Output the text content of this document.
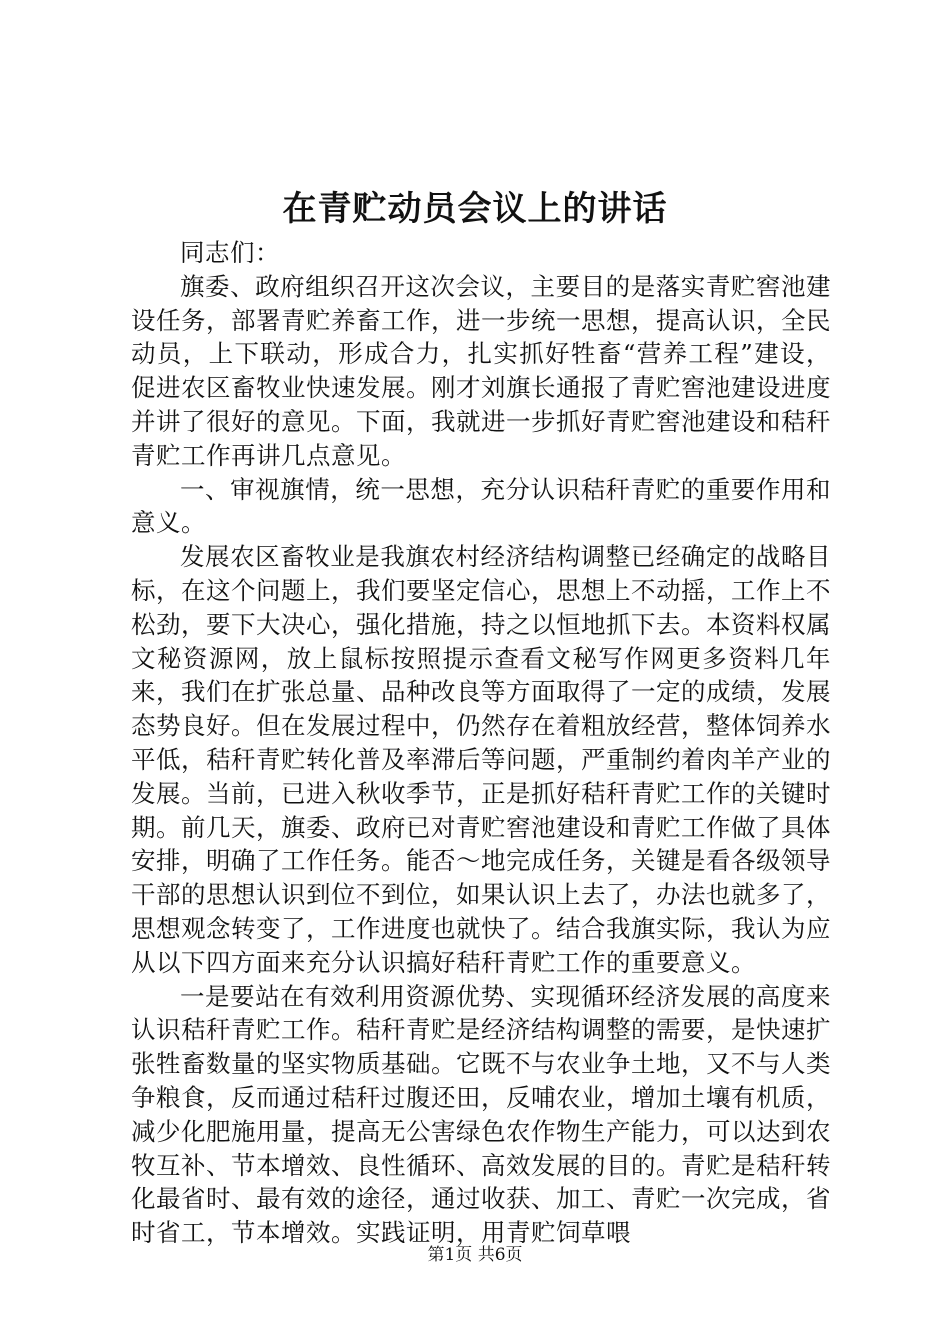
在青贮动员会议上的讲话

同志们：

旗委、政府组织召开这次会议，主要目的是落实青贮窖池建设任务，部署青贮养畜工作，进一步统一思想，提高认识，全民动员，上下联动，形成合力，扎实抓好牲畜“营养工程”建设，促进农区畜牧业快速发展。刚才刘旗长通报了青贮窖池建设进度并讲了很好的意见。下面，我就进一步抓好青贮窖池建设和秸秆青贮工作再讲几点意见。

一、审视旗情，统一思想，充分认识秸秆青贮的重要作用和意义。

发展农区畜牧业是我旗农村经济结构调整已经确定的战略目标，在这个问题上，我们要坚定信心，思想上不动摇，工作上不松劲，要下大决心，强化措施，持之以恒地抓下去。本资料权属文秘资源网，放上鼠标按照提示查看文秘写作网更多资料几年来，我们在扩张总量、品种改良等方面取得了一定的成绩，发展态势良好。但在发展过程中，仍然存在着粗放经营，整体饲养水平低，秸秆青贮转化普及率滞后等问题，严重制约着肉羊产业的发展。当前，已进入秋收季节，正是抓好秸秆青贮工作的关键时期。前几天，旗委、政府已对青贮窖池建设和青贮工作做了具体安排，明确了工作任务。能否～地完成任务，关键是看各级领导干部的思想认识到位不到位，如果认识上去了，办法也就多了，思想观念转变了，工作进度也就快了。结合我旗实际，我认为应从以下四方面来充分认识搞好秸秆青贮工作的重要意义。

一是要站在有效利用资源优势、实现循环经济发展的高度来认识秸秆青贮工作。秸秆青贮是经济结构调整的需要，是快速扩张牲畜数量的坚实物质基础。它既不与农业争土地，又不与人类争粮食，反而通过秸秆过腹还田，反哺农业，增加土壤有机质，减少化肥施用量，提高无公害绿色农作物生产能力，可以达到农牧互补、节本增效、良性循环、高效发展的目的。青贮是秸秆转化最省时、最有效的途径，通过收获、加工、青贮一次完成，省时省工，节本增效。实践证明，用青贮饲草喂

第1页 共6页
